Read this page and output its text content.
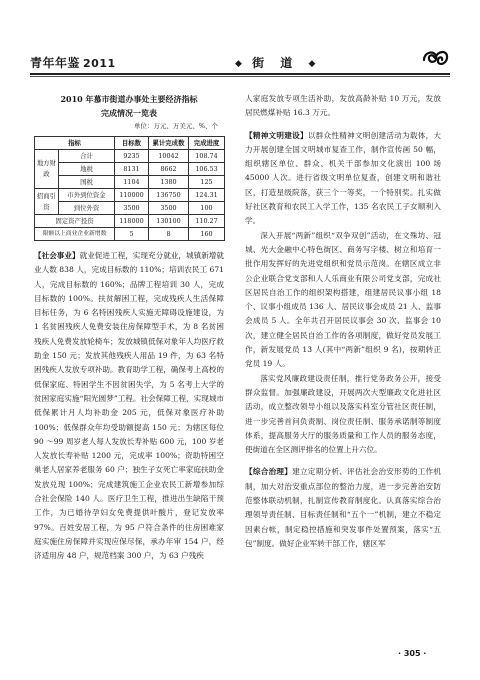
青年年鉴 2011	◆ 街 道 ◆
2010 年慕市街道办事处主要经济指标
完成情况一览表
单位：万元、万美元、%、个
指标		目标数	累计完成数	完成进度
地方财政	合计	9235	10042	108.74
	地税	8131	8662	106.53
	国税	1104	1380	125
招商引资	市外到位资金	110000	136750	124.31
	到位外资	3500	3500	100
固定资产投资		118000	130100	110.27
限额以上商业企业新增数		5	8	160

【社会事业】就业促进工程，实现充分就业，城镇新增就业人数 838 人，完成目标数的 110%；培训农民工 671 人，完成目标数的 160%；品牌工程培训 30 人，完成目标数的 100%。扶贫解困工程，完成残疾人生活保障目标任务，为 6 名特困残疾人实施无障碍设施建设，为 1 名贫困残疾人免费安装住房保障型手术，为 8 名贫困残疾人免费发放轮椅车；发放城镇低保对象年人均医疗救助金 150 元；发放其他残疾人用品 19 件，为 63 名特困残疾人发放专项补助。教育助学工程，确保考上高校的低保家庭、特困学生不因贫困失学，为 5 名考上大学的贫困家庭实施“阳光圆梦”工程。社会保障工程，实现城市低保累计月人均补助金 205 元，低保对象医疗补助 100%；低保群众年均受助额提高 150 元；为辖区每位 90 ～99 周岁老人每人发放长寿补贴 600 元，100 岁老人发放长寿补贴 1200 元，完成率 100%；资助特困空巢老人居家养老服务 60 户；独生子女死亡率家庭扶助金发放兑现 100%；完成建筑施工企业农民工新增参加综合社会保险 140 人。医疗卫生工程，推进出生缺陷干预工作，为已婚待孕妇女免费提供叶酸片，登记发放率 97%。百姓安居工程，为 95 户符合条件的住房困难家庭实施住房保障并实现应保尽保，承办年审 154 户，经济适用房 48 户，规范档案 300 户，为 63 户残疾

人家庭发放专项生活补助，发放高龄补贴 10 万元，发放居民燃煤补贴 16.3 万元。

【精神文明建设】以群众性精神文明创建活动为载体，大力开展创建全国文明城市复查工作，制作宣传画 50 幅，组织辖区单位、群众、机关干部参加文化演出 100 场 45000 人次。进行省级文明单位复查，创建文明和谐社区，打造星级院落，获三个一等奖，一个特别奖。扎实做好社区教育和农民工入学工作，135 名农民工子女顺利入学。

深入开展“两新”组织“双争双创”活动，在文殊坊、冠城、光大金融中心特色街区、商务写字楼、树立和培育一批作用发挥好的先进党组织和党员示范岗。在辖区成立非公企业联合党支部和人人乐商业有限公司党支部，完成社区居民自治工作的组织架构搭建，组建居民议事小组 18 个、议事小组成员 136 人、居民议事会成员 21 人、监事会成员 5 人。全年共召开居民议事会 30 次、监事会 10 次，建立健全居民自治工作的各项制度，做好党员发展工作，新发展党员 13 人(其中“两新”组织 9 名)，按期转正党员 19 人。

落实党风廉政建设责任制，推行党务政务公开，接受群众监督。加强廉政建设，开展两次大型廉政文化进社区活动，成立整改领导小组以及落实科室分管社区责任制，进一步完善首问负责制、岗位责任制、服务承诺制等制度体系，提高服务大厅的服务质量和工作人员的服务态度，使街道在全区测评排名的位置上升六位。

【综合治理】建立定期分析、评估社会治安形势的工作机制，加大对治安重点部位的整治力度，进一步完善治安防范整体联动机制，扎制宣传教育制度化。认真落实综合治理领导责任制、目标责任制和“五个一”机制，建立不稳定因素台帐，制定稳控措施和突发事件处置预案，落实“五包”制度。做好企业军转干部工作，辖区军

· 305 ·
